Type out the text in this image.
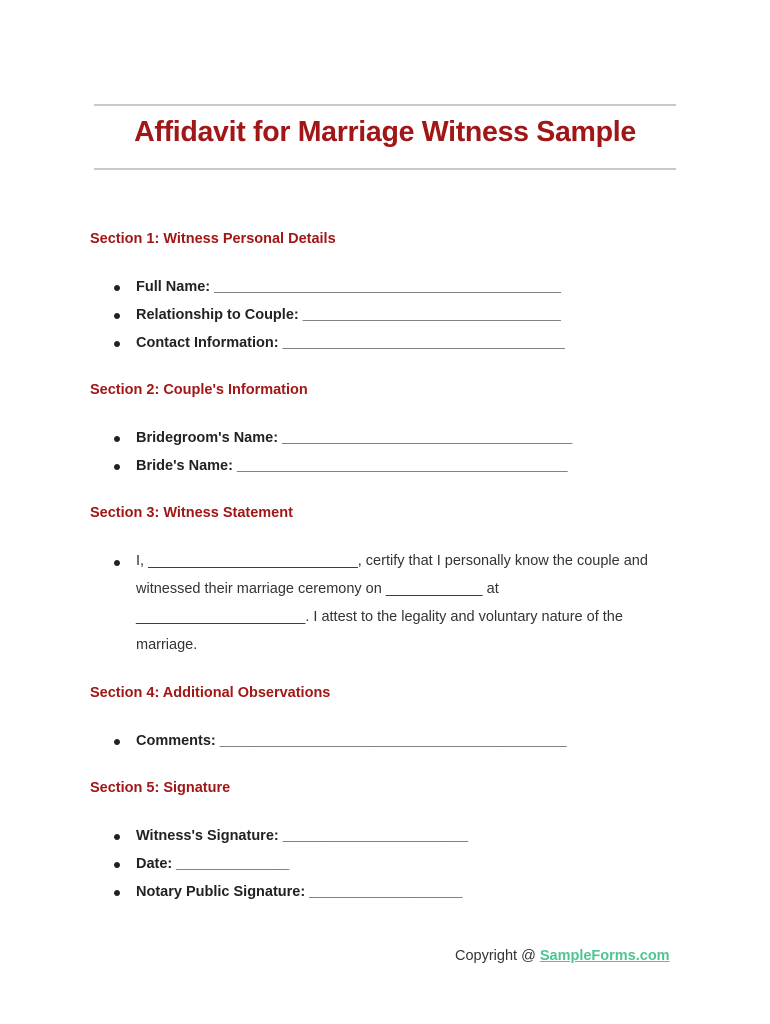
Affidavit for Marriage Witness Sample
Section 1: Witness Personal Details
Full Name: ___________________________________________
Relationship to Couple: ________________________________
Contact Information: ___________________________________
Section 2: Couple's Information
Bridegroom's Name: ____________________________________
Bride's Name: _________________________________________
Section 3: Witness Statement
I, __________________________, certify that I personally know the couple and
witnessed their marriage ceremony on ____________ at
_____________________. I attest to the legality and voluntary nature of the
marriage.
Section 4: Additional Observations
Comments: ___________________________________________
Section 5: Signature
Witness's Signature: _______________________
Date: ______________
Notary Public Signature: ___________________
Copyright @ SampleForms.com
